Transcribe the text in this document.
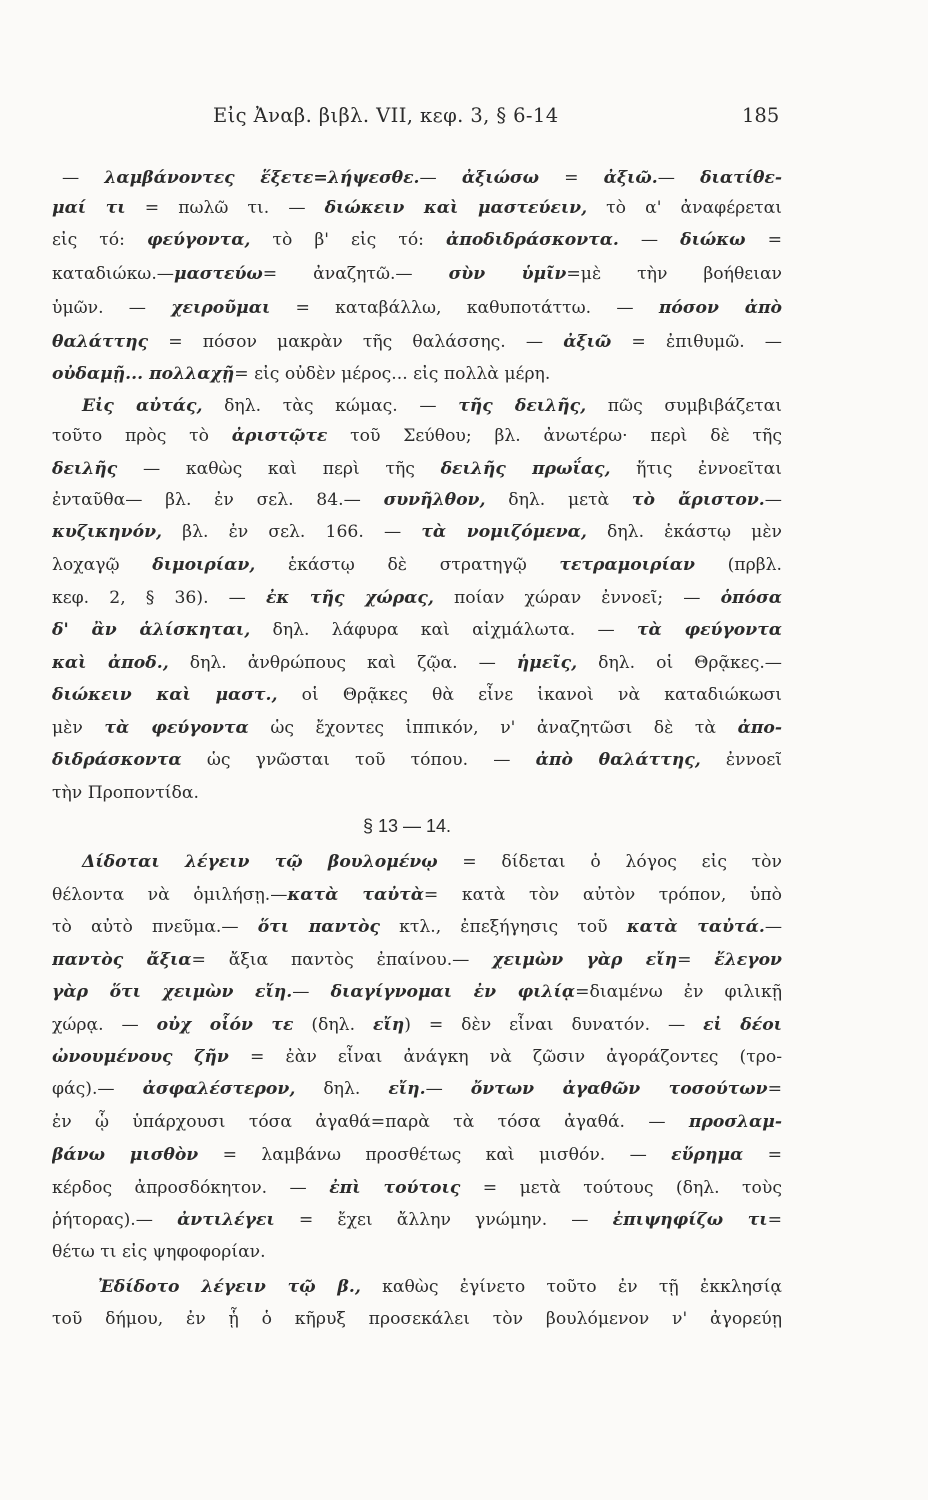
Εἰς Ἀναβ. βιβλ. VII, κεφ. 3, § 6-14	185
— λαμβάνοντες ἕξετε=λήψεσθε.— ἀξιώσω = ἀξιῶ.— διατίθε-
μαί τι = πωλῶ τι. — διώκειν καὶ μαστεύειν, τὸ α' ἀναφέρεται
εἰς τό: φεύγοντα, τὸ β' εἰς τό: ἀποδιδράσκοντα. — διώκω =
καταδιώκω.—μαστεύω= ἀναζητῶ.— σὺν ὑμῖν=μὲ τὴν βοήθειαν
ὑμῶν. — χειροῦμαι = καταβάλλω, καθυποτάττω. — πόσον ἀπὸ
θαλάττης = πόσον μακρὰν τῆς θαλάσσης. — ἀξιῶ = ἐπιθυμῶ. —
οὐδαμῇ... πολλαχῇ= εἰς οὐδὲν μέρος... εἰς πολλὰ μέρη.
Εἰς αὐτάς, δηλ. τὰς κώμας. — τῆς δειλῆς, πῶς συμβιβάζεται
τοῦτο πρὸς τὸ ἀριστῷτε τοῦ Σεύθου; βλ. ἀνωτέρω· περὶ δὲ τῆς
δειλῆς — καθὼς καὶ περὶ τῆς δειλῆς πρωΐας, ἥτις ἐννοεῖται
ἐνταῦθα— βλ. ἐν σελ. 84.— συνῆλθον, δηλ. μετὰ τὸ ἄριστον.—
κυζικηνόν, βλ. ἐν σελ. 166. — τὰ νομιζόμενα, δηλ. ἑκάστῳ μὲν
λοχαγῷ διμοιρίαν, ἑκάστῳ δὲ στρατηγῷ τετραμοιρίαν (πρβλ.
κεφ. 2, § 36). — ἐκ τῆς χώρας, ποίαν χώραν ἐννοεῖ; — ὁπόσα
δ' ἂν ἁλίσκηται, δηλ. λάφυρα καὶ αἰχμάλωτα. — τὰ φεύγοντα
καὶ ἀποδ., δηλ. ἀνθρώπους καὶ ζῷα. — ἡμεῖς, δηλ. οἱ Θρᾷκες.—
διώκειν καὶ μαστ., οἱ Θρᾷκες θὰ εἶνε ἱκανοὶ νὰ καταδιώκωσι
μὲν τὰ φεύγοντα ὡς ἔχοντες ἱππικόν, ν' ἀναζητῶσι δὲ τὰ ἀπο-
διδράσκοντα ὡς γνῶσται τοῦ τόπου. — ἀπὸ θαλάττης, ἐννοεῖ
τὴν Προποντίδα.
§ 13 — 14.
Δίδοται λέγειν τῷ βουλομένῳ = δίδεται ὁ λόγος εἰς τὸν
θέλοντα νὰ ὁμιλήσῃ.—κατὰ ταὐτὰ= κατὰ τὸν αὐτὸν τρόπον, ὑπὸ
τὸ αὐτὸ πνεῦμα.— ὅτι παντὸς κτλ., ἐπεξήγησις τοῦ κατὰ ταὐτά.—
παντὸς ἄξια= ἄξια παντὸς ἐπαίνου.— χειμὼν γὰρ εἴη= ἔλεγον
γὰρ ὅτι χειμὼν εἴη.— διαγίγνομαι ἐν φιλίᾳ=διαμένω ἐν φιλικῇ
χώρᾳ. — οὐχ οἷόν τε (δηλ. εἴη) = δὲν εἶναι δυνατόν. — εἰ δέοι
ὠνουμένους ζῆν = ἐὰν εἶναι ἀνάγκη νὰ ζῶσιν ἀγοράζοντες (τρο-
φάς).— ἀσφαλέστερον, δηλ. εἴη.— ὄντων ἀγαθῶν τοσούτων=
ἐν ᾧ ὑπάρχουσι τόσα ἀγαθά=παρὰ τὰ τόσα ἀγαθά. — προσλαμ-
βάνω μισθὸν = λαμβάνω προσθέτως καὶ μισθόν. — εὕρημα =
κέρδος ἀπροσδόκητον. — ἐπὶ τούτοις = μετὰ τούτους (δηλ. τοὺς
ῥήτορας).— ἀντιλέγει = ἔχει ἄλλην γνώμην. — ἐπιψηφίζω τι=
θέτω τι εἰς ψηφοφορίαν.
Ἐδίδοτο λέγειν τῷ β., καθὼς ἐγίνετο τοῦτο ἐν τῇ ἐκκλησίᾳ
τοῦ δήμου, ἐν ᾗ ὁ κῆρυξ προσεκάλει τὸν βουλόμενον ν' ἀγορεύῃ
